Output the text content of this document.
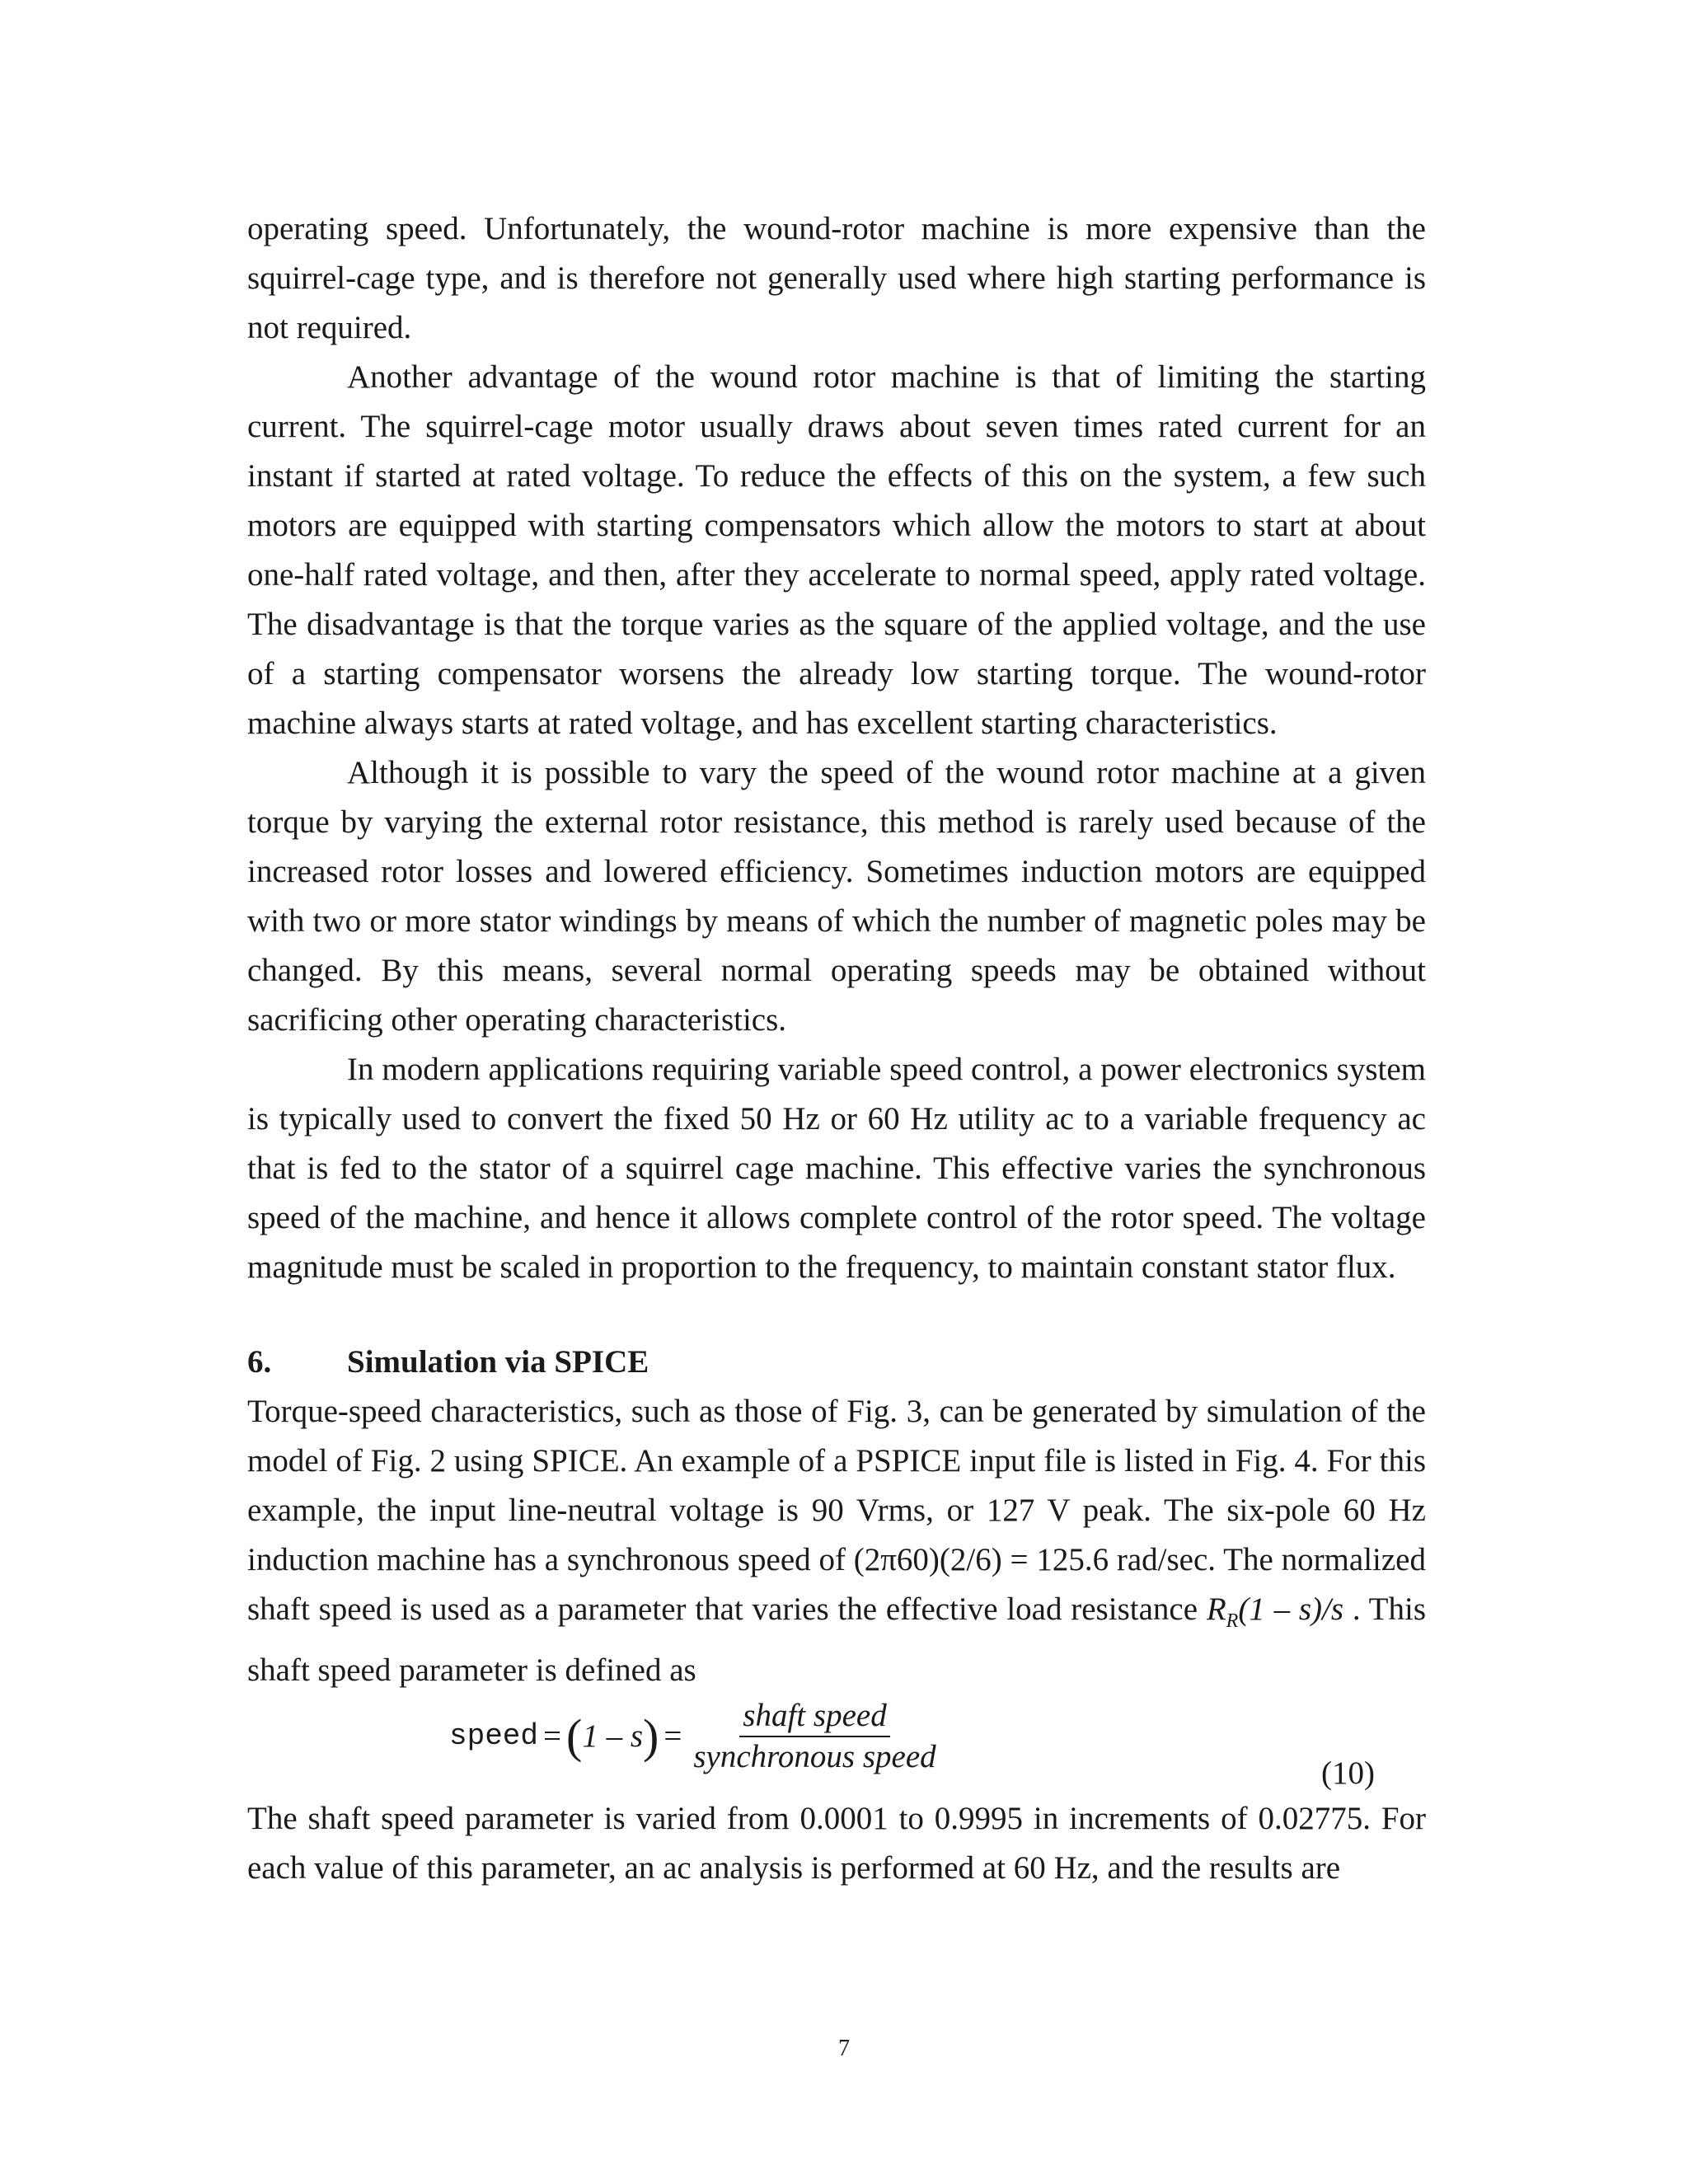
operating speed. Unfortunately, the wound-rotor machine is more expensive than the squirrel-cage type, and is therefore not generally used where high starting performance is not required.

Another advantage of the wound rotor machine is that of limiting the starting current. The squirrel-cage motor usually draws about seven times rated current for an instant if started at rated voltage. To reduce the effects of this on the system, a few such motors are equipped with starting compensators which allow the motors to start at about one-half rated voltage, and then, after they accelerate to normal speed, apply rated voltage. The disadvantage is that the torque varies as the square of the applied voltage, and the use of a starting compensator worsens the already low starting torque. The wound-rotor machine always starts at rated voltage, and has excellent starting characteristics.

Although it is possible to vary the speed of the wound rotor machine at a given torque by varying the external rotor resistance, this method is rarely used because of the increased rotor losses and lowered efficiency. Sometimes induction motors are equipped with two or more stator windings by means of which the number of magnetic poles may be changed. By this means, several normal operating speeds may be obtained without sacrificing other operating characteristics.

In modern applications requiring variable speed control, a power electronics system is typically used to convert the fixed 50 Hz or 60 Hz utility ac to a variable frequency ac that is fed to the stator of a squirrel cage machine. This effective varies the synchronous speed of the machine, and hence it allows complete control of the rotor speed. The voltage magnitude must be scaled in proportion to the frequency, to maintain constant stator flux.

6.	Simulation via SPICE

Torque-speed characteristics, such as those of Fig. 3, can be generated by simulation of the model of Fig. 2 using SPICE. An example of a PSPICE input file is listed in Fig. 4. For this example, the input line-neutral voltage is 90 Vrms, or 127 V peak. The six-pole 60 Hz induction machine has a synchronous speed of (2π60)(2/6) = 125.6 rad/sec. The normalized shaft speed is used as a parameter that varies the effective load resistance $R_R(1 - s)/s$ . This shaft speed parameter is defined as

speed = ( 1 – s ) = $\frac{\text{shaft speed}}{\text{synchronous speed}}$	(10)

The shaft speed parameter is varied from 0.0001 to 0.9995 in increments of 0.02775. For each value of this parameter, an ac analysis is performed at 60 Hz, and the results are

7
